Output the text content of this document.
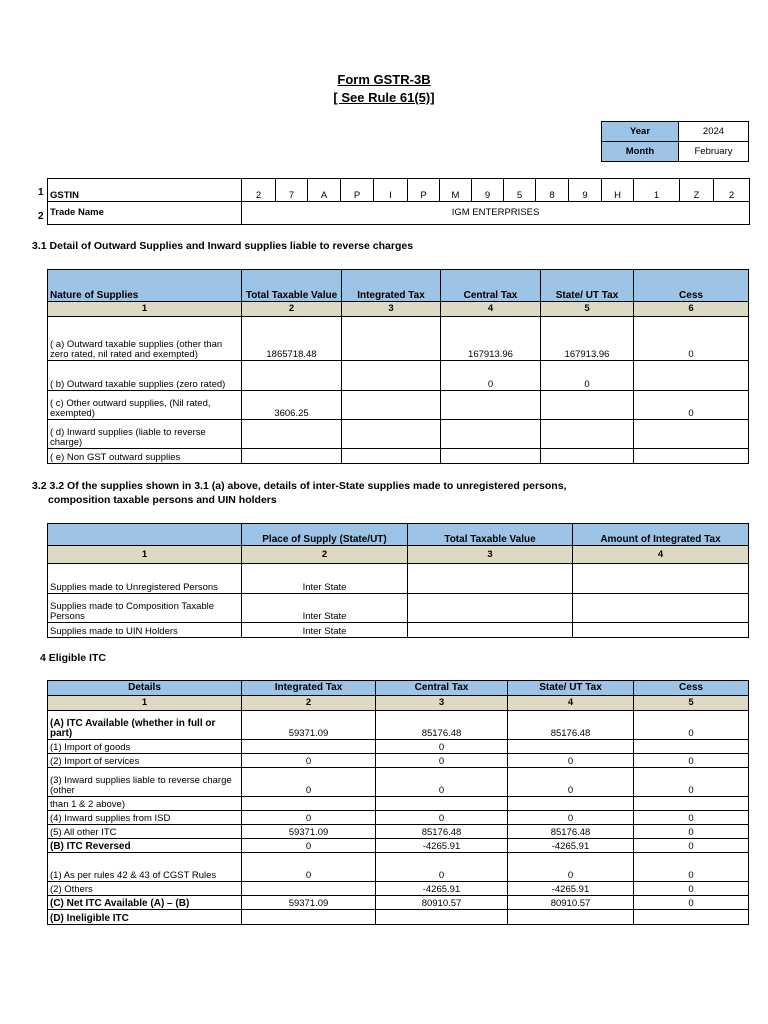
Form GSTR-3B
[ See Rule 61(5)]
Year	2024
Month	February
1
2
GSTIN	2	7	A	P	I	P	M	9	5	8	9	H	1	Z	2
Trade Name	IGM ENTERPRISES														
3.1 Detail of Outward Supplies and Inward supplies liable to reverse charges
Nature of Supplies	Total Taxable Value	Integrated Tax	Central Tax	State/ UT Tax	Cess
1	2	3	4	5	6
( a) Outward taxable supplies (other than zero rated, nil rated and exempted)	1865718.48		167913.96	167913.96	0
( b) Outward taxable supplies (zero rated)			0	0	
( c) Other outward supplies, (Nil rated, exempted)	3606.25				0
( d) Inward supplies (liable to reverse charge)					
( e) Non GST outward supplies					
3.2 3.2 Of the supplies shown in 3.1 (a) above, details of inter-State supplies made to unregistered persons,
composition taxable persons and UIN holders
	Place of Supply (State/UT)	Total Taxable Value	Amount of Integrated Tax
1	2	3	4
Supplies made to Unregistered Persons	Inter State		
Supplies made to Composition Taxable Persons	Inter State		
Supplies made to UIN Holders	Inter State		
4 Eligible ITC
Details	Integrated Tax	Central Tax	State/ UT Tax	Cess
1	2	3	4	5
(A) ITC Available (whether in full or part)	59371.09	85176.48	85176.48	0
(1) Import of goods		0		
(2) Import of services	0	0	0	0
(3) Inward supplies liable to reverse charge (other	0	0	0	0
than 1 & 2 above)				
(4) Inward supplies from ISD	0	0	0	0
(5) All other ITC	59371.09	85176.48	85176.48	0
(B) ITC Reversed	0	-4265.91	-4265.91	0
(1) As per rules 42 & 43 of CGST Rules	0	0	0	0
(2) Others		-4265.91	-4265.91	0
(C) Net ITC Available (A) – (B)	59371.09	80910.57	80910.57	0
(D) Ineligible ITC				
